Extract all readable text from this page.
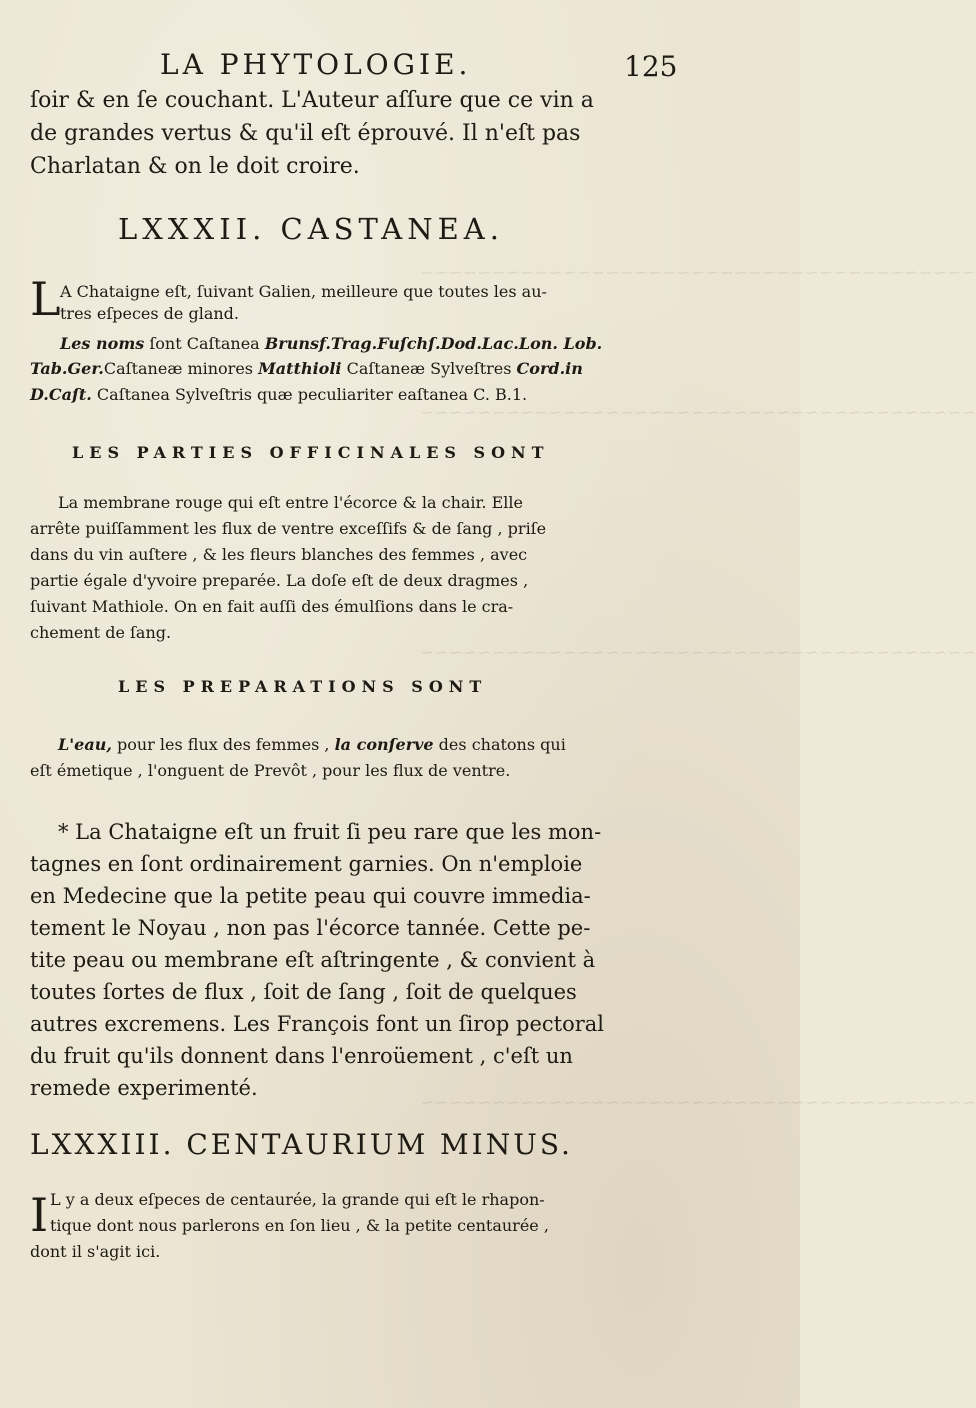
~~~~~~~~~~~~~~~~~~~~~~~~~~~~~~~~~~~~~~~
~~~~~~~~~~~~~~~~~~~~~~~~~~~~~~~~~~~~~~~
~~~~~~~~~~~~~~~~~~~~~~~~~~~~~~~~~~~~~~~
~~~~~~~~~~~~~~~~~~~~~~~~~~~~~~~~~~~~~~~
LA PHYTOLOGIE.	125
ſoir & en ſe couchant. L'Auteur aſſure que ce vin a
de grandes vertus & qu'il eſt éprouvé. Il n'eſt pas
Charlatan & on le doit croire.
LXXXII. CASTANEA.
L A Chataigne eſt, ſuivant Galien, meilleure que toutes les au-
tres eſpeces de gland.
Les noms ſont Caſtanea Brunsf.Trag.Fuſchſ.Dod.Lac.Lon. Lob.
Tab.Ger.Caſtaneæ minores Matthioli Caſtaneæ Sylveſtres Cord.in
D.Caſt. Caſtanea Sylveſtris quæ peculiariter eaſtanea C. B.1.
LES PARTIES OFFICINALES SONT
La membrane rouge qui eſt entre l'écorce & la chair. Elle
arrête puiſſamment les flux de ventre exceſſifs & de ſang , priſe
dans du vin auſtere , & les fleurs blanches des femmes , avec
partie égale d'yvoire preparée. La doſe eſt de deux dragmes ,
ſuivant Mathiole. On en fait auſſi des émulſions dans le cra-
chement de ſang.
LES PREPARATIONS SONT
L'eau, pour les flux des femmes , la conſerve des chatons qui
eſt émetique , l'onguent de Prevôt , pour les flux de ventre.
* La Chataigne eſt un fruit ſi peu rare que les mon-
tagnes en ſont ordinairement garnies. On n'emploie
en Medecine que la petite peau qui couvre immedia-
tement le Noyau , non pas l'écorce tannée. Cette pe-
tite peau ou membrane eſt aſtringente , & convient à
toutes ſortes de flux , ſoit de ſang , ſoit de quelques
autres excremens. Les François font un ſirop pectoral
du fruit qu'ils donnent dans l'enroüement , c'eſt un
remede experimenté.
LXXXIII. CENTAURIUM MINUS.
I L y a deux eſpeces de centaurée, la grande qui eſt le rhapon-
tique dont nous parlerons en ſon lieu , & la petite centaurée ,
dont il s'agit ici.
